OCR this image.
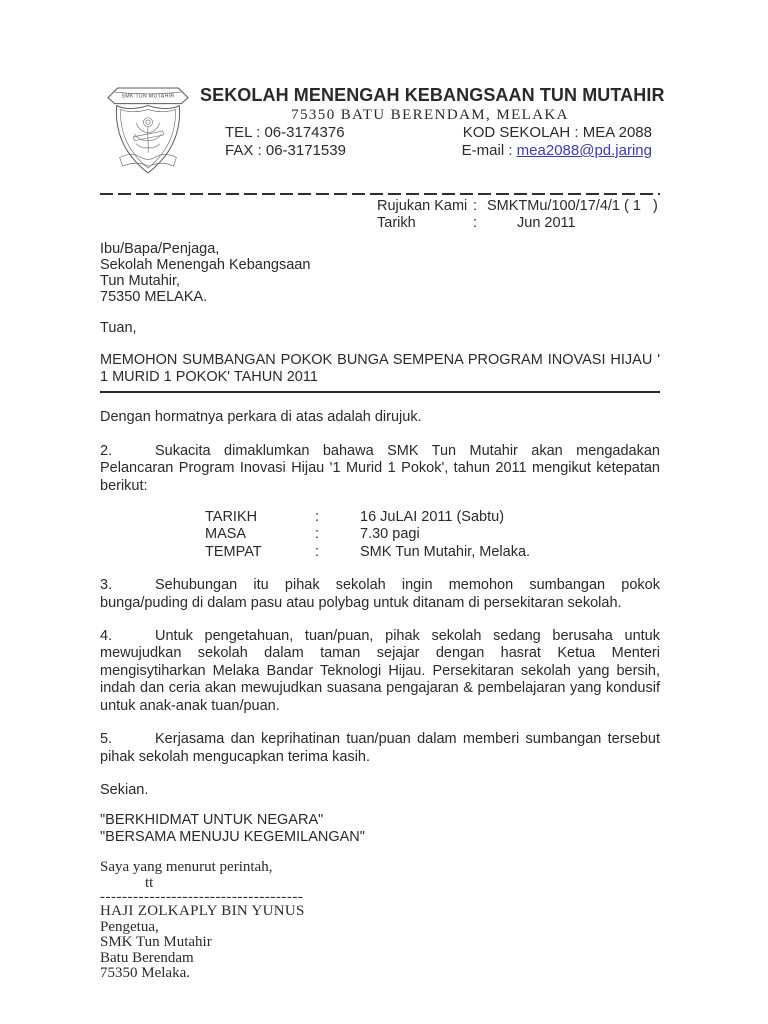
SMK TUN MUTAHIR SEKOLAH MENENGAH KEBANGSAAN TUN MUTAHIR
75350 BATU BERENDAM, MELAKA
TEL : 06-3174376	KOD SEKOLAH : MEA 2088
FAX : 06-3171539	E-mail : mea2088@pd.jaring
Rujukan Kami : SMKTMu/100/17/4/1 ( 1   )
Tarikh	:	Jun 2011
Ibu/Bapa/Penjaga,
Sekolah Menengah Kebangsaan
Tun Mutahir,
75350 MELAKA.
Tuan,
MEMOHON SUMBANGAN POKOK BUNGA SEMPENA PROGRAM INOVASI HIJAU ' 1 MURID 1 POKOK' TAHUN 2011

Dengan hormatnya perkara di atas adalah dirujuk.

2.	Sukacita dimaklumkan bahawa SMK Tun Mutahir akan mengadakan Pelancaran Program Inovasi Hijau '1 Murid 1 Pokok', tahun 2011 mengikut ketepatan berikut:

TARIKH	:	16 JuLAI 2011 (Sabtu)
MASA	:	7.30 pagi
TEMPAT	:	SMK Tun Mutahir, Melaka.

3.	Sehubungan itu pihak sekolah ingin memohon sumbangan pokok bunga/puding di dalam pasu atau polybag untuk ditanam di persekitaran sekolah.

4.	Untuk pengetahuan, tuan/puan, pihak sekolah sedang berusaha untuk mewujudkan sekolah dalam taman sejajar dengan hasrat Ketua Menteri mengisytiharkan Melaka Bandar Teknologi Hijau. Persekitaran sekolah yang bersih, indah dan ceria akan mewujudkan suasana pengajaran & pembelajaran yang kondusif untuk anak-anak tuan/puan.

5.	Kerjasama dan keprihatinan tuan/puan dalam memberi sumbangan tersebut pihak sekolah mengucapkan terima kasih.

Sekian.
"BERKHIDMAT UNTUK NEGARA"
"BERSAMA MENUJU KEGEMILANGAN"
Saya yang menurut perintah,
tt
-------------------------------------
HAJI ZOLKAPLY BIN YUNUS
Pengetua,
SMK Tun Mutahir
Batu Berendam
75350 Melaka.
